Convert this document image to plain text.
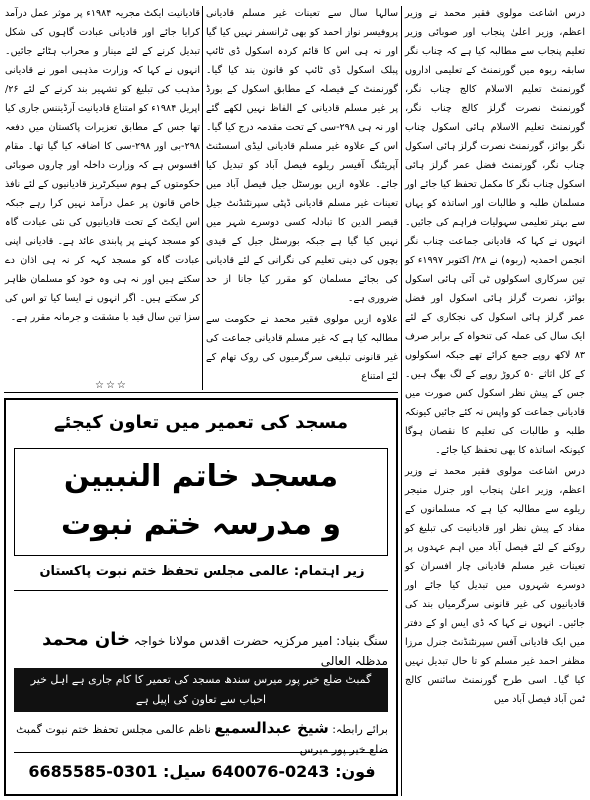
درس اشاعت مولوی فقیر محمد نے وزیر اعظم، وزیر اعلیٰ پنجاب اور صوبائی وزیر تعلیم پنجاب سے مطالبہ کیا ہے کہ چناب نگر سابقہ ربوہ میں گورنمنٹ کے تعلیمی اداروں گورنمنٹ تعلیم الاسلام کالج چناب نگر، گورنمنٹ نصرت گرلز کالج چناب نگر، گورنمنٹ تعلیم الاسلام ہائی اسکول چناب نگر بوائز، گورنمنٹ نصرت گرلز ہائی اسکول چناب نگر، گورنمنٹ فضل عمر گرلز ہائی اسکول چناب نگر کا مکمل تحفظ کیا جائے اور مسلمان طلبہ و طالبات اور اساتذہ کو یہاں سے بہتر تعلیمی سہولیات فراہم کی جائیں۔ انہوں نے کہا کہ قادیانی جماعت چناب نگر انجمن احمدیہ (ربوہ) نے ۲۸/ اکتوبر ۱۹۹۷ء کو تین سرکاری اسکولوں ٹی آئی ہائی اسکول بوائز، نصرت گرلز ہائی اسکول اور فضل عمر گرلز ہائی اسکول کی نجکاری کے لئے ایک سال کی عملہ کی تنخواہ کے برابر صرف ۸۳ لاکھ روپے جمع کرائے تھے جبکہ اسکولوں کے کل اثاثے ۵۰ کروڑ روپے کے لگ بھگ ہیں۔ جس کے پیش نظر اسکول کس صورت میں قادیانی جماعت کو واپس نہ کئے جائیں کیونکہ طلبہ و طالبات کی تعلیم کا نقصان ہوگا کیونکہ اساتذہ کا بھی تحفظ کیا جائے۔

درس اشاعت مولوی فقیر محمد نے وزیر اعظم، وزیر اعلیٰ پنجاب اور جنرل منیجر ریلوے سے مطالبہ کیا ہے کہ مسلمانوں کے مفاد کے پیش نظر اور قادیانیت کی تبلیغ کو روکنے کے لئے فیصل آباد میں اہم عہدوں پر تعینات غیر مسلم قادیانی چار افسران کو دوسرے شہروں میں تبدیل کیا جائے اور قادیانیوں کی غیر قانونی سرگرمیاں بند کی جائیں۔ انہوں نے کہا کہ ڈی ایس او کے دفتر میں ایک قادیانی آفس سپرنٹنڈنٹ جنرل مرزا مظفر احمد غیر مسلم کو تا حال تبدیل نہیں کیا گیا۔ اسی طرح گورنمنٹ سائنس کالج ٹمن آباد فیصل آباد میں

سالہا سال سے تعینات غیر مسلم قادیانی پروفیسر نواز احمد کو بھی ٹرانسفر نہیں کیا گیا اور نہ ہی اس کا قائم کردہ اسکول ڈی ٹائپ پبلک اسکول ڈی ٹائپ کو قانون بند کیا گیا۔ گورنمنٹ کے فیصلہ کے مطابق اسکول کے بورڈ پر غیر مسلم قادیانی کے الفاظ نہیں لکھے گئے اور نہ ہی ۲۹۸-سی کے تحت مقدمہ درج کیا گیا۔ اس کے علاوہ غیر مسلم قادیانی لیڈی اسسٹنٹ آپریٹنگ آفیسر ریلوے فیصل آباد کو تبدیل کیا جائے۔ علاوہ ازیں بورسٹل جیل فیصل آباد میں تعینات غیر مسلم قادیانی ڈپٹی سپرنٹنڈنٹ جیل قیصر الدین کا تبادلہ کسی دوسرے شہر میں نہیں کیا گیا ہے جبکہ بورسٹل جیل کے قیدی بچوں کی دینی تعلیم کی نگرانی کے لئے قادیانی کی بجائے مسلمان کو مقرر کیا جانا از حد ضروری ہے۔

علاوہ ازیں مولوی فقیر محمد نے حکومت سے مطالبہ کیا ہے کہ غیر مسلم قادیانی جماعت کی غیر قانونی تبلیغی سرگرمیوں کی روک تھام کے لئے امتناع

قادیانیت ایکٹ مجریہ ۱۹۸۴ء پر موثر عمل درآمد کرایا جائے اور قادیانی عبادت گاہوں کی شکل تبدیل کرنے کے لئے مینار و محراب ہٹائے جائیں۔ انہوں نے کہا کہ وزارت مذہبی امور نے قادیانی مذہب کی تبلیغ کو تشہیر بند کرنے کے لئے ۲۶/ اپریل ۱۹۸۴ء کو امتناع قادیانیت آرڈیننس جاری کیا تھا جس کے مطابق تعزیرات پاکستان میں دفعہ ۲۹۸-بی اور ۲۹۸-سی کا اضافہ کیا گیا تھا۔ مقام افسوس ہے کہ وزارت داخلہ اور چاروں صوبائی حکومتوں کے ہوم سیکرٹریز قادیانیوں کے لئے نافذ خاص قانون پر عمل درآمد نہیں کرا رہے جبکہ اس ایکٹ کے تحت قادیانیوں کی نئی عبادت گاہ کو مسجد کہنے پر پابندی عائد ہے۔ قادیانی اپنی عبادت گاہ کو مسجد کہہ کر نہ ہی اذان دے سکتے ہیں اور نہ ہی وہ خود کو مسلمان ظاہر کر سکتے ہیں۔ اگر انہوں نے ایسا کیا تو اس کی سزا تین سال قید با مشقت و جرمانہ مقرر ہے۔

☆☆☆
مسجد کی تعمیر میں تعاون کیجئے
مسجد خاتم النبیین
و مدرسہ ختم نبوت
زیر اہتمام: عالمی مجلس تحفظ ختم نبوت پاکستان
سنگ بنیاد: امیر مرکزیہ حضرت اقدس مولانا خواجہ خان محمد مدظلہ العالی
گمبٹ ضلع خیر پور میرس سندھ مسجد کی تعمیر کا کام جاری ہے اہل خیر احباب سے تعاون کی اپیل ہے
برائے رابطہ: شیخ عبدالسمیع ناظم عالمی مجلس تحفظ ختم نبوت گمبٹ ضلع خیر پور میرس
فون: 0243-640076 سیل: 0301-6685585
